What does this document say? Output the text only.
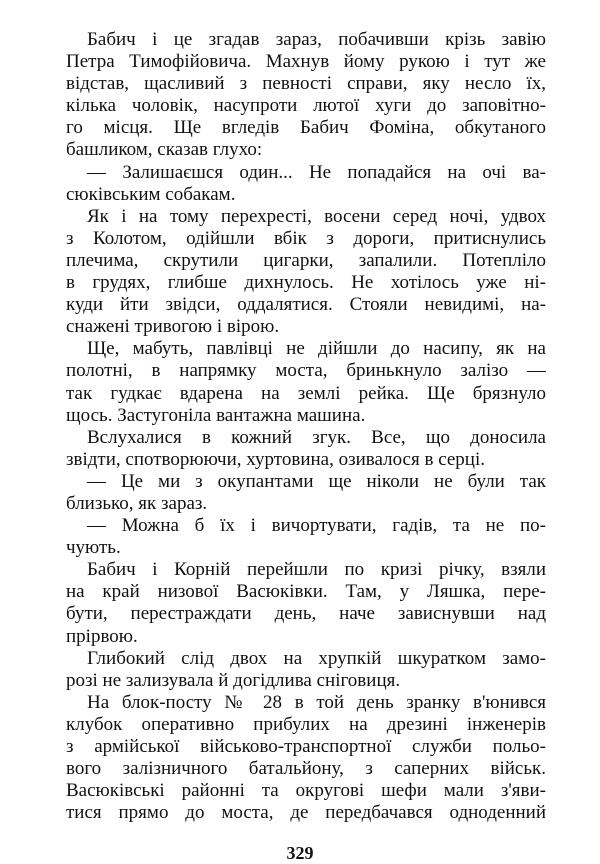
Бабич і це згадав зараз, побачивши крізь завію
Петра Тимофійовича. Махнув йому рукою і тут же
відстав, щасливий з певності справи, яку несло їх,
кілька чоловік, насупроти лютої хуги до заповітно-
го місця. Ще вгледів Бабич Фоміна, обкутаного
башликом, сказав глухо:
— Залишаєшся один... Не попадайся на очі ва-
сюківським собакам.
Як і на тому перехресті, восени серед ночі, удвох
з Колотом, одійшли вбік з дороги, притиснулись
плечима, скрутили цигарки, запалили. Потепліло
в грудях, глибше дихнулось. Не хотілось уже ні-
куди йти звідси, оддалятися. Стояли невидимі, на-
снажені тривогою і вірою.
Ще, мабуть, павлівці не дійшли до насипу, як на
полотні, в напрямку моста, бринькнуло залізо —
так гудкає вдарена на землі рейка. Ще брязнуло
щось. Застугоніла вантажна машина.
Вслухалися в кожний згук. Все, що доносила
звідти, спотворюючи, хуртовина, озивалося в серці.
— Це ми з окупантами ще ніколи не були так
близько, як зараз.
— Можна б їх і вичортувати, гадів, та не по-
чують.
Бабич і Корній перейшли по кризі річку, взяли
на край низової Васюківки. Там, у Ляшка, пере-
бути, перестраждати день, наче зависнувши над
прірвою.
Глибокий слід двох на хрупкій шкуратком замо-
розі не зализувала й догідлива сніговиця.
На блок-посту № 28 в той день зранку в'юнився
клубок оперативно прибулих на дрезині інженерів
з армійської військово-транспортної служби польо-
вого залізничного батальйону, з саперних військ.
Васюківські районні та округові шефи мали з'яви-
тися прямо до моста, де передбачався одноденний
329
